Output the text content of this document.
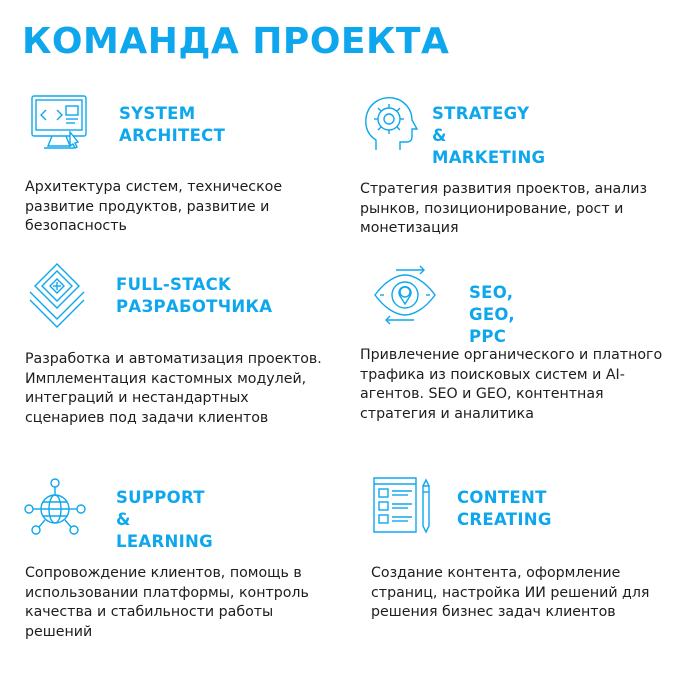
КОМАНДА ПРОЕКТА
SYSTEM
ARCHITECT
Архитектура систем, техническое развитие продуктов, развитие и безопасность
STRATEGY &
MARKETING
Стратегия развития проектов, анализ рынков, позиционирование, рост и монетизация
FULL-STACK
РАЗРАБОТЧИКА
Разработка и автоматизация проектов. Имплементация кастомных модулей, интеграций и нестандартных сценариев под задачи клиентов
SEO, GEO, PPC
Привлечение органического и платного трафика из поисковых систем и AI-агентов. SEO и GEO, контентная стратегия и аналитика
SUPPORT &
LEARNING
Сопровождение клиентов, помощь в использовании платформы, контроль качества и стабильности работы решений
CONTENT
CREATING
Создание контента, оформление страниц, настройка ИИ решений для решения бизнес задач клиентов
